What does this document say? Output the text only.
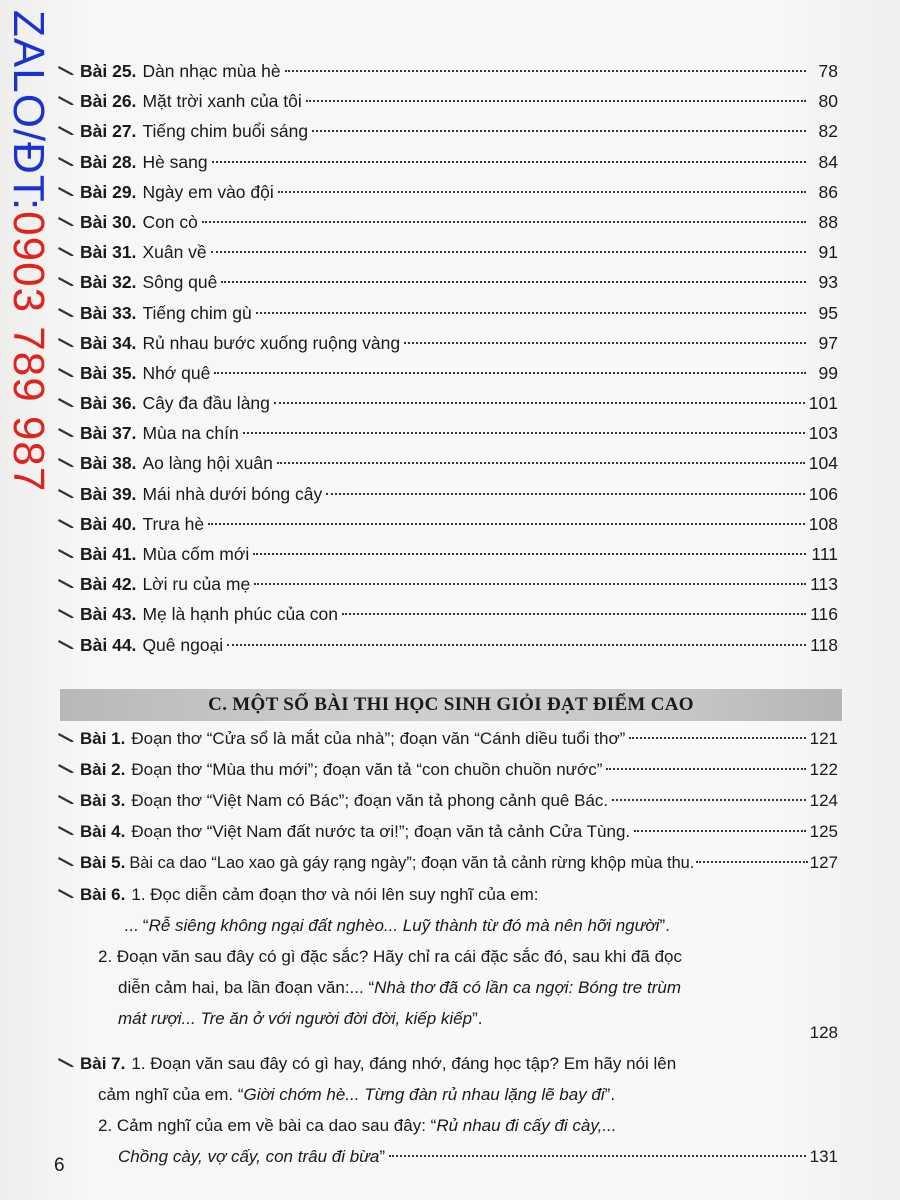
ZALO/ĐT:0903 789 987
Bài 25. Dàn nhạc mùa hè	78
Bài 26. Mặt trời xanh của tôi	80
Bài 27. Tiếng chim buổi sáng	82
Bài 28. Hè sang	84
Bài 29. Ngày em vào đội	86
Bài 30. Con cò	88
Bài 31. Xuân về	91
Bài 32. Sông quê	93
Bài 33. Tiếng chim gù	95
Bài 34. Rủ nhau bước xuống ruộng vàng	97
Bài 35. Nhớ quê	99
Bài 36. Cây đa đầu làng	101
Bài 37. Mùa na chín	103
Bài 38. Ao làng hội xuân	104
Bài 39. Mái nhà dưới bóng cây	106
Bài 40. Trưa hè	108
Bài 41. Mùa cốm mới	111
Bài 42. Lời ru của mẹ	113
Bài 43. Mẹ là hạnh phúc của con	116
Bài 44. Quê ngoại	118
C. MỘT SỐ BÀI THI HỌC SINH GIỎI ĐẠT ĐIỂM CAO
Bài 1. Đoạn thơ “Cửa sổ là mắt của nhà”; đoạn văn “Cánh diều tuổi thơ”	121
Bài 2. Đoạn thơ “Mùa thu mới”; đoạn văn tả “con chuồn chuồn nước”	122
Bài 3. Đoạn thơ “Việt Nam có Bác”; đoạn văn tả phong cảnh quê Bác.	124
Bài 4. Đoạn thơ “Việt Nam đất nước ta ơi!”; đoạn văn tả cảnh Cửa Tùng.	125
Bài 5. Bài ca dao “Lao xao gà gáy rạng ngày”; đoạn văn tả cảnh rừng khộp mùa thu.	127
Bài 6. 1. Đọc diễn cảm đoạn thơ và nói lên suy nghĩ của em:
... “Rễ siêng không ngại đất nghèo... Luỹ thành từ đó mà nên hỡi người”.
2. Đoạn văn sau đây có gì đặc sắc? Hãy chỉ ra cái đặc sắc đó, sau khi đã đọc
diễn cảm hai, ba lần đoạn văn:... “Nhà thơ đã có lần ca ngợi: Bóng tre trùm
mát rượi... Tre ăn ở với người đời đời, kiếp kiếp ”.
128
Bài 7. 1. Đoạn văn sau đây có gì hay, đáng nhớ, đáng học tập? Em hãy nói lên
cảm nghĩ của em. “Giời chớm hè... Từng đàn rủ nhau lặng lẽ bay đi”.
2. Cảm nghĩ của em về bài ca dao sau đây: “Rủ nhau đi cấy đi cày,...
Chồng cày, vợ cấy, con trâu đi bừa ”	131
6
